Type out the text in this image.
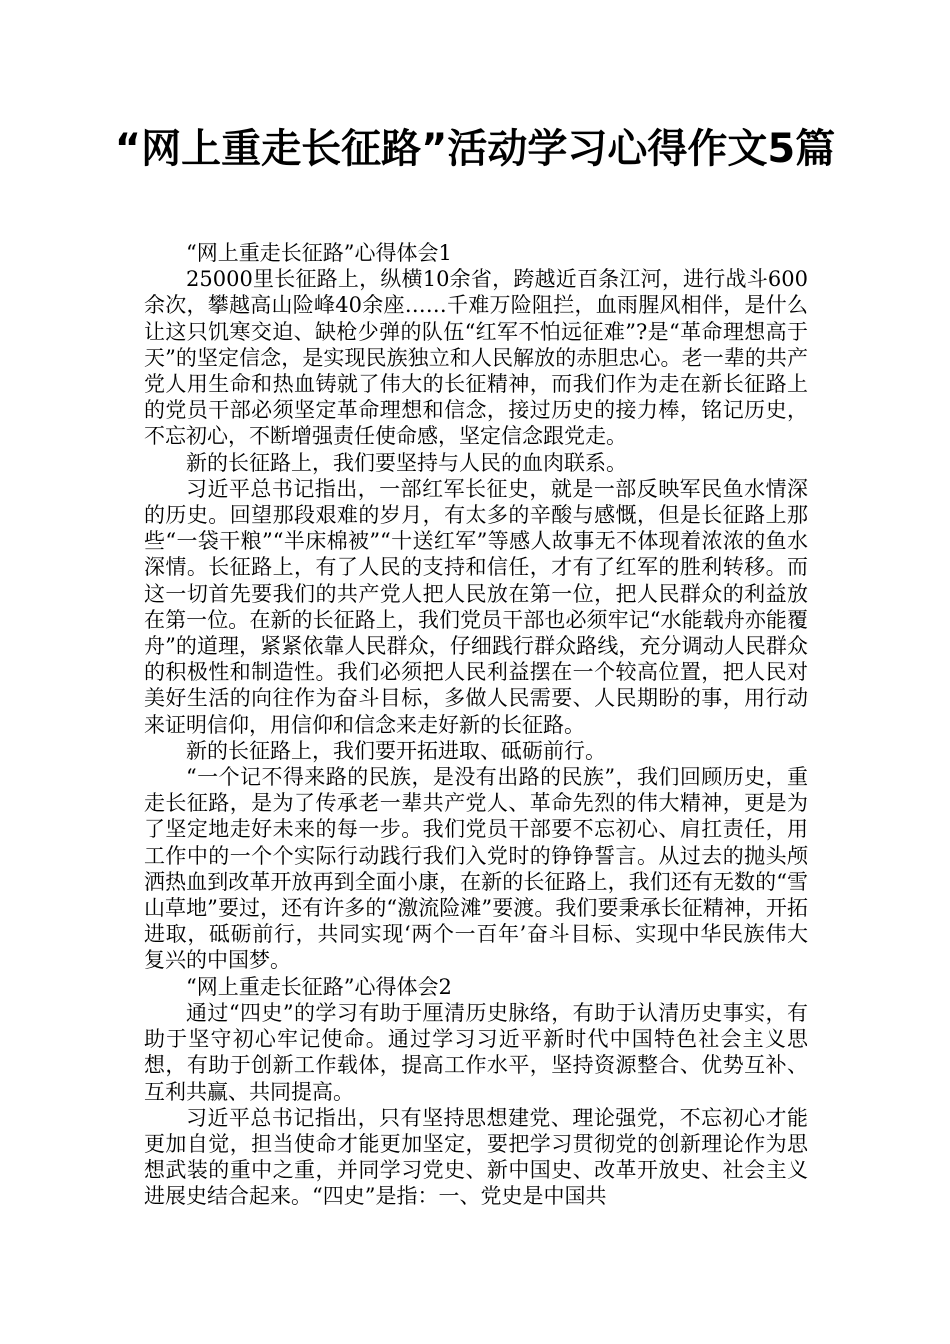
“网上重走长征路”活动学习心得作文5篇

“网上重走长征路”心得体会1

25000里长征路上，纵横10余省，跨越近百条江河，进行战斗600余次，攀越高山险峰40余座……千难万险阻拦，血雨腥风相伴，是什么让这只饥寒交迫、缺枪少弹的队伍“红军不怕远征难”?是“革命理想高于天”的坚定信念，是实现民族独立和人民解放的赤胆忠心。老一辈的共产党人用生命和热血铸就了伟大的长征精神，而我们作为走在新长征路上的党员干部必须坚定革命理想和信念，接过历史的接力棒，铭记历史，不忘初心，不断增强责任使命感，坚定信念跟党走。

新的长征路上，我们要坚持与人民的血肉联系。

习近平总书记指出，一部红军长征史，就是一部反映军民鱼水情深的历史。回望那段艰难的岁月，有太多的辛酸与感慨，但是长征路上那些“一袋干粮”“半床棉被”“十送红军”等感人故事无不体现着浓浓的鱼水深情。长征路上，有了人民的支持和信任，才有了红军的胜利转移。而这一切首先要我们的共产党人把人民放在第一位，把人民群众的利益放在第一位。在新的长征路上，我们党员干部也必须牢记“水能载舟亦能覆舟”的道理，紧紧依靠人民群众，仔细践行群众路线，充分调动人民群众的积极性和制造性。我们必须把人民利益摆在一个较高位置，把人民对美好生活的向往作为奋斗目标，多做人民需要、人民期盼的事，用行动来证明信仰，用信仰和信念来走好新的长征路。

新的长征路上，我们要开拓进取、砥砺前行。

“一个记不得来路的民族，是没有出路的民族”，我们回顾历史，重走长征路，是为了传承老一辈共产党人、革命先烈的伟大精神，更是为了坚定地走好未来的每一步。我们党员干部要不忘初心、肩扛责任，用工作中的一个个实际行动践行我们入党时的铮铮誓言。从过去的抛头颅洒热血到改革开放再到全面小康，在新的长征路上，我们还有无数的“雪山草地”要过，还有许多的“激流险滩”要渡。我们要秉承长征精神，开拓进取，砥砺前行，共同实现‘两个一百年’奋斗目标、实现中华民族伟大复兴的中国梦。

“网上重走长征路”心得体会2

通过“四史”的学习有助于厘清历史脉络，有助于认清历史事实，有助于坚守初心牢记使命。通过学习习近平新时代中国特色社会主义思想，有助于创新工作载体，提高工作水平，坚持资源整合、优势互补、互利共赢、共同提高。

习近平总书记指出，只有坚持思想建党、理论强党，不忘初心才能更加自觉，担当使命才能更加坚定，要把学习贯彻党的创新理论作为思想武装的重中之重，并同学习党史、新中国史、改革开放史、社会主义进展史结合起来。“四史”是指：一、党史是中国共
